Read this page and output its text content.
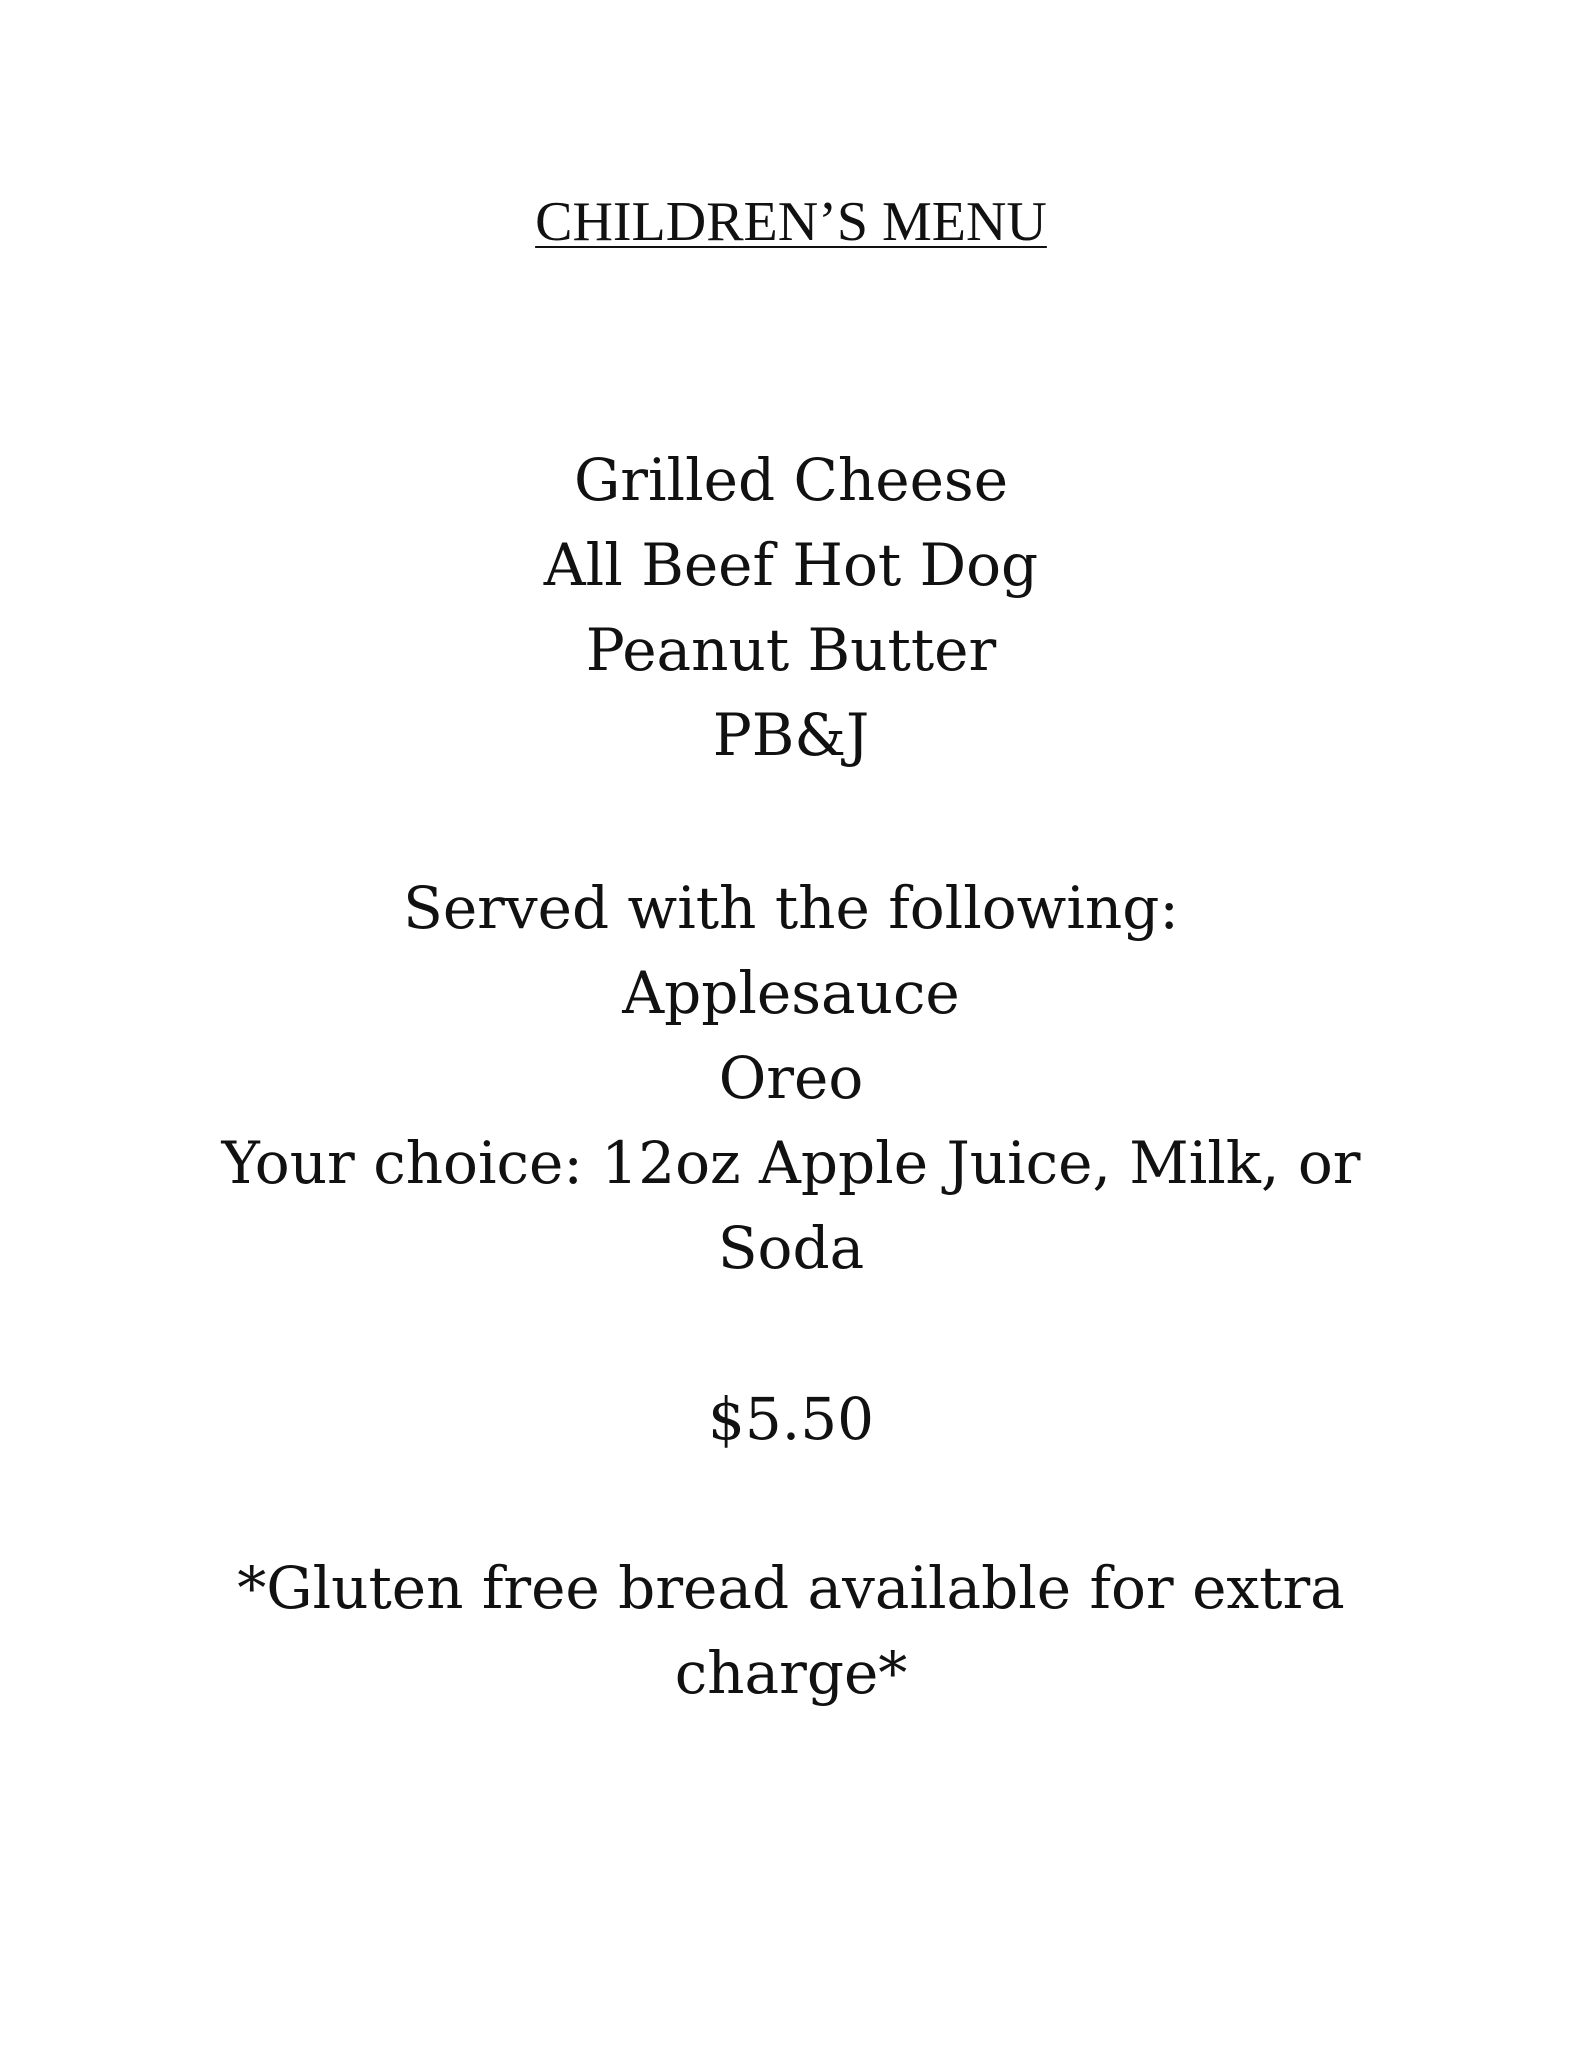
CHILDREN’S MENU
Grilled Cheese
All Beef Hot Dog
Peanut Butter
PB&J
Served with the following:
Applesauce
Oreo
Your choice: 12oz Apple Juice, Milk, or
Soda
$5.50
*Gluten free bread available for extra
charge*
